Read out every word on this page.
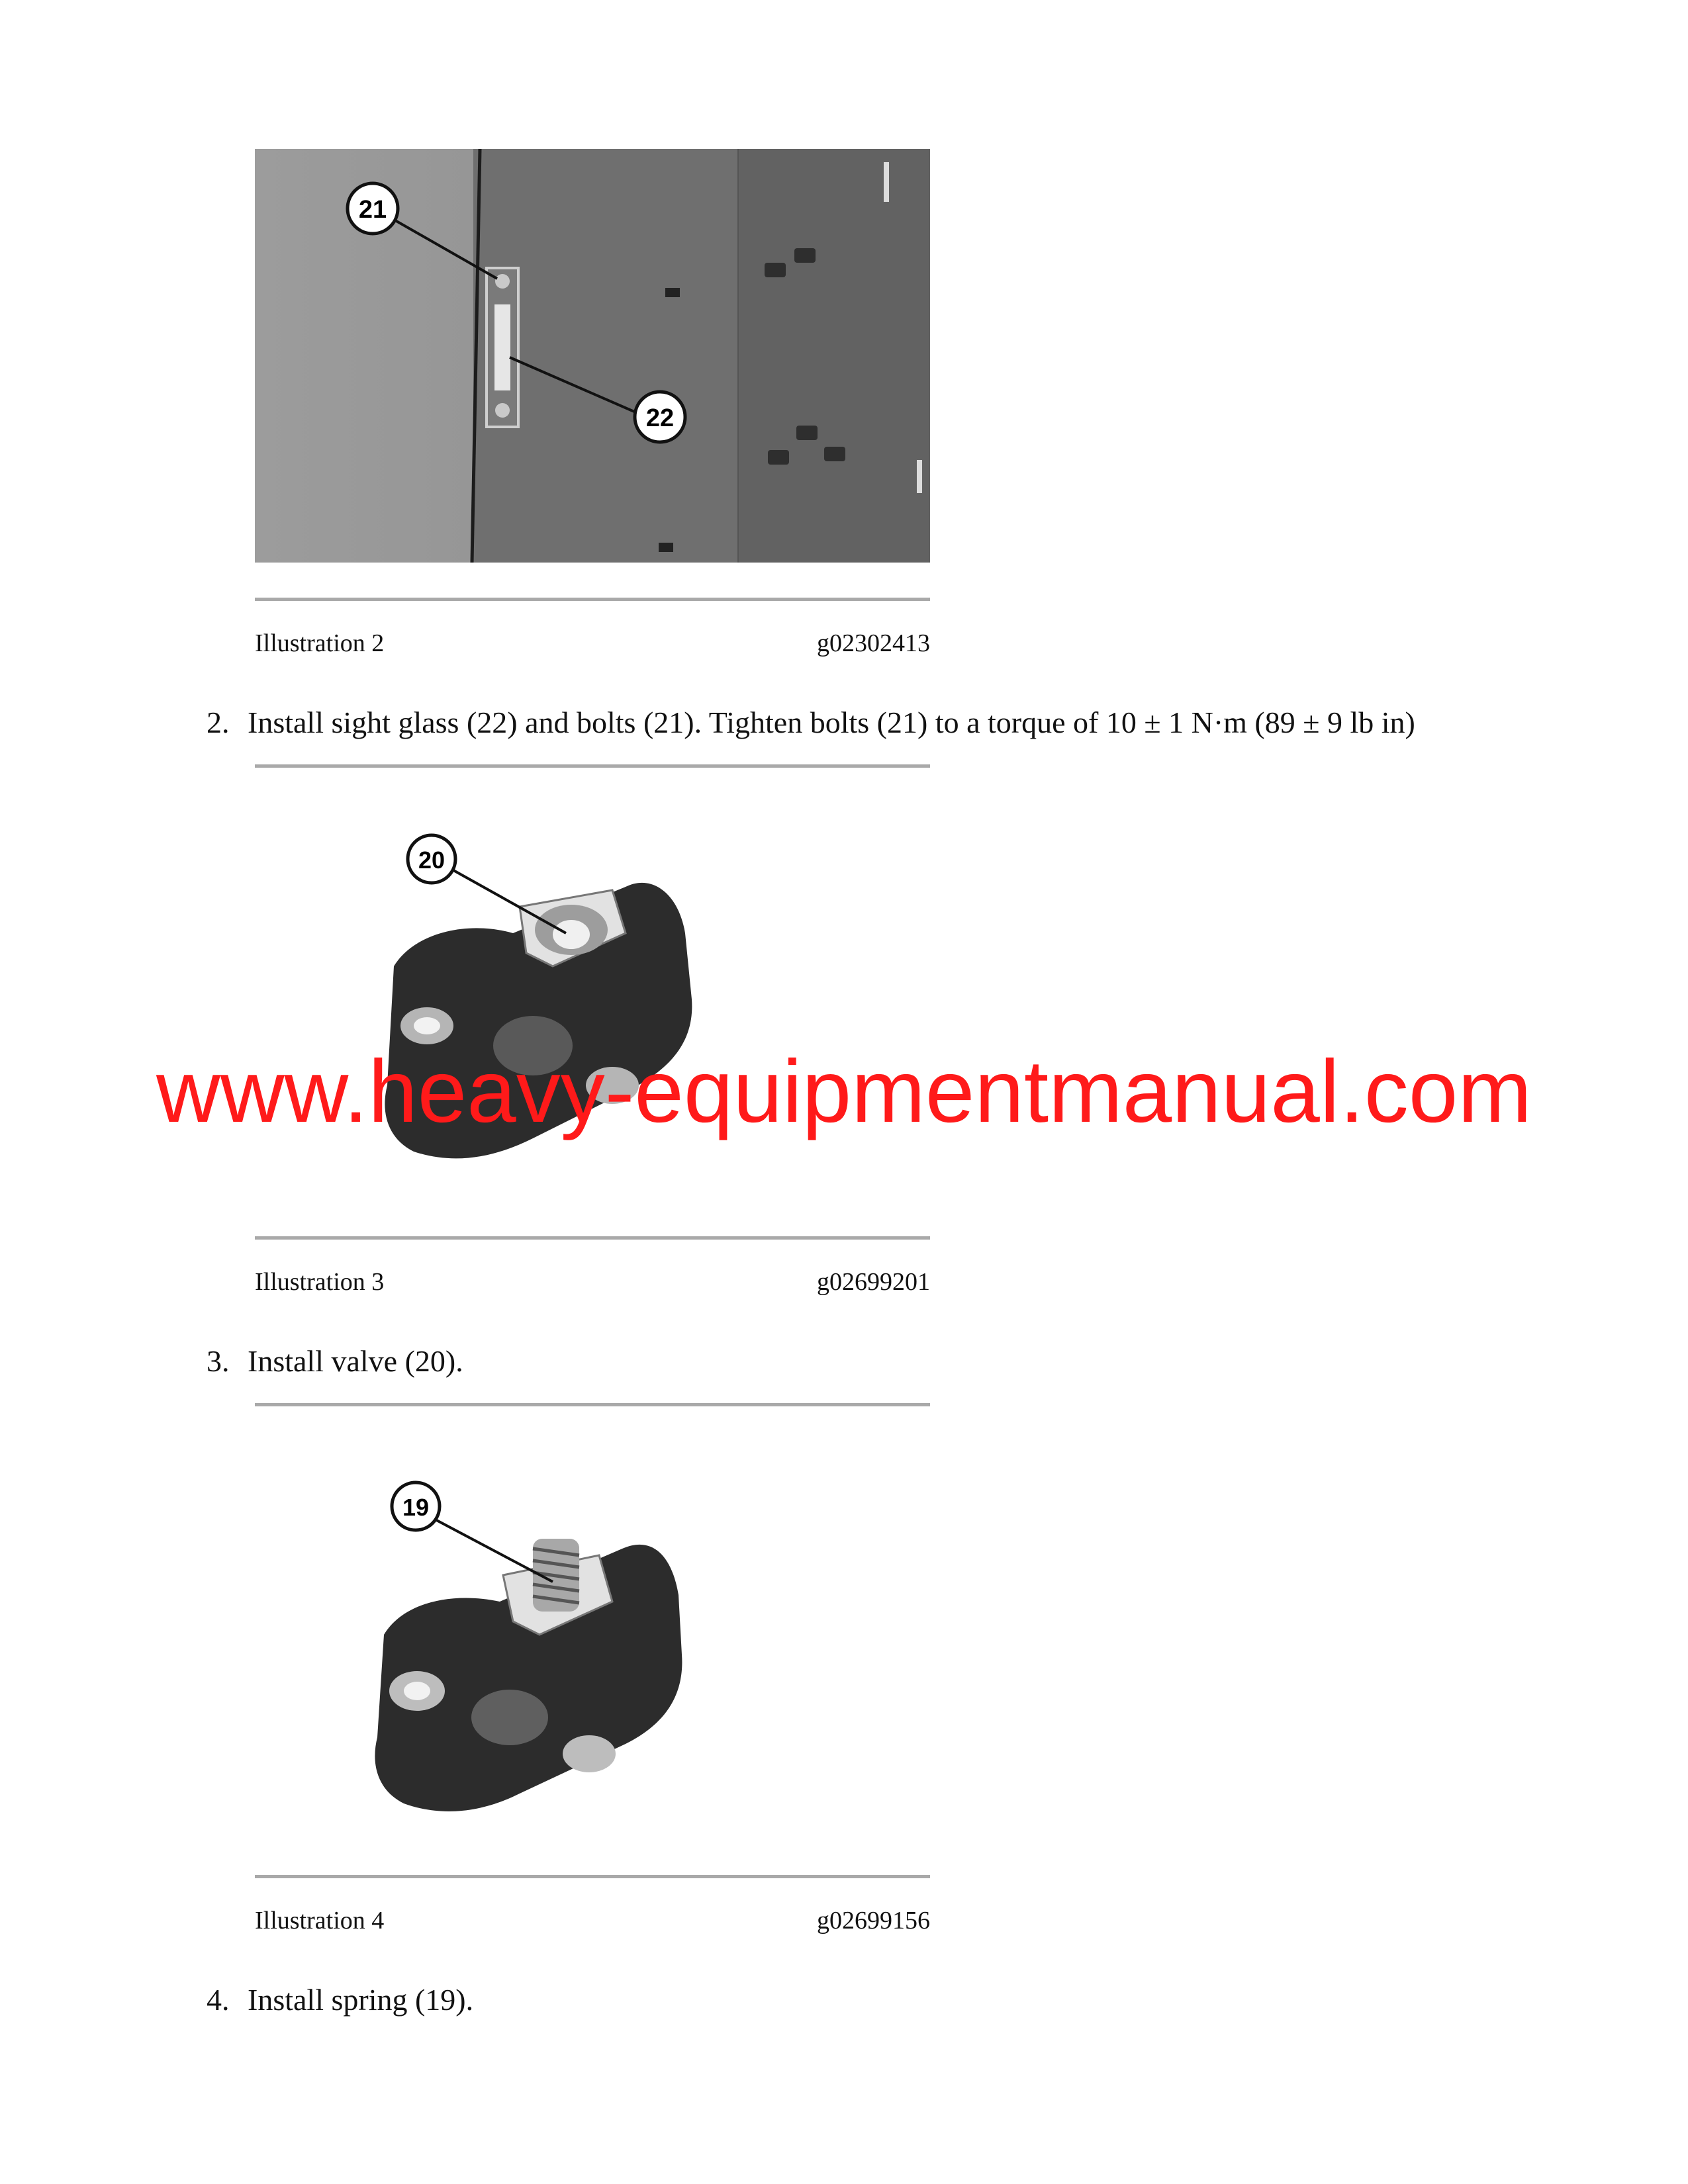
21
22
Illustration 2	g02302413
2. Install sight glass (22) and bolts (21). Tighten bolts (21) to a torque of 10 ± 1 N·m (89 ± 9 lb in)
20
www.heavy-equipmentmanual.com
Illustration 3	g02699201
3. Install valve (20).
19
Illustration 4	g02699156
4. Install spring (19).
